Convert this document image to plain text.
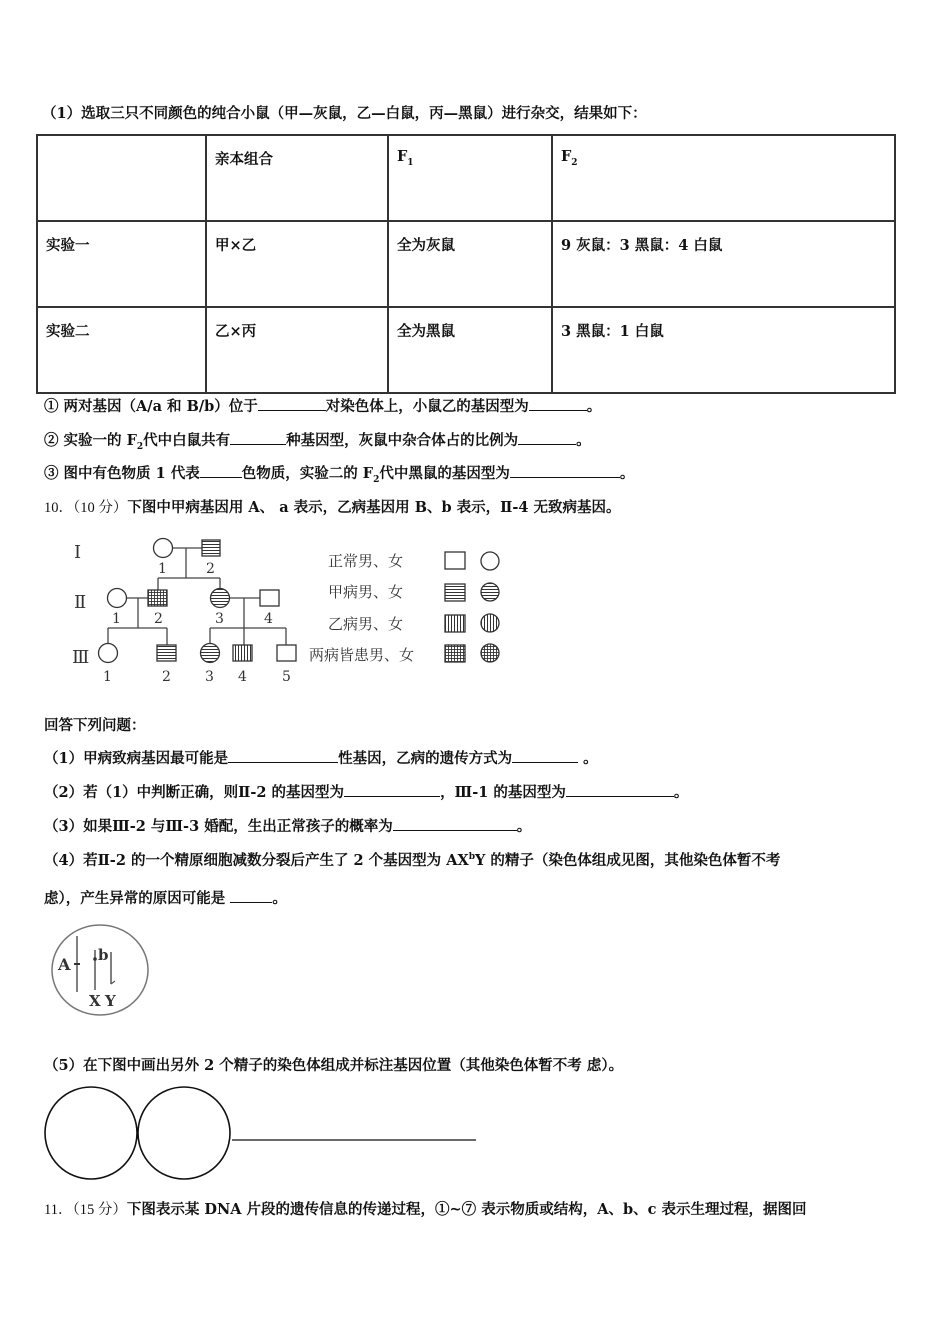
（1）选取三只不同颜色的纯合小鼠（甲—灰鼠，乙—白鼠，丙—黑鼠）进行杂交，结果如下：
	亲本组合	$F_1$	$F_2$
实验一	甲×乙	全为灰鼠	9 灰鼠：3 黑鼠：4 白鼠
实验二	乙×丙	全为黑鼠	3 黑鼠：1 白鼠
① 两对基因（A/a 和 B/b）位于	对染色体上，小鼠乙的基因型为	。
② 实验一的 $F_2$代中白鼠共有	种基因型，灰鼠中杂合体占的比例为	。
③ 图中有色物质 1 代表	色物质，实验二的 $F_2$代中黑鼠的基因型为	。
10．（10 分）下图中甲病基因用 A、 a 表示，乙病基因用 B、b 表示，Ⅱ-4 无致病基因。
Ⅰ
Ⅱ
Ⅲ
1	2
1 2	3	4
1	2 3 4	5
正常男、女
甲病男、女
乙病男、女
两病皆患男、女
回答下列问题：
（1）甲病致病基因最可能是	性基因，乙病的遗传方式为	。
（2）若（1）中判断正确，则Ⅱ-2 的基因型为	，Ⅲ-1 的基因型为	。
（3）如果Ⅲ-2 与Ⅲ-3 婚配，生出正常孩子的概率为	。
（4）若Ⅱ-2 的一个精原细胞减数分裂后产生了 2 个基因型为 $AX^bY$ 的精子（染色体组成见图，其他染色体暂不考
虑），产生异常的原因可能是	。
A b
X Y
（5）在下图中画出另外 2 个精子的染色体组成并标注基因位置（其他染色体暂不考 虑）。
11．（15 分）下图表示某 DNA 片段的遗传信息的传递过程，①~⑦ 表示物质或结构，A、b、c 表示生理过程，据图回
